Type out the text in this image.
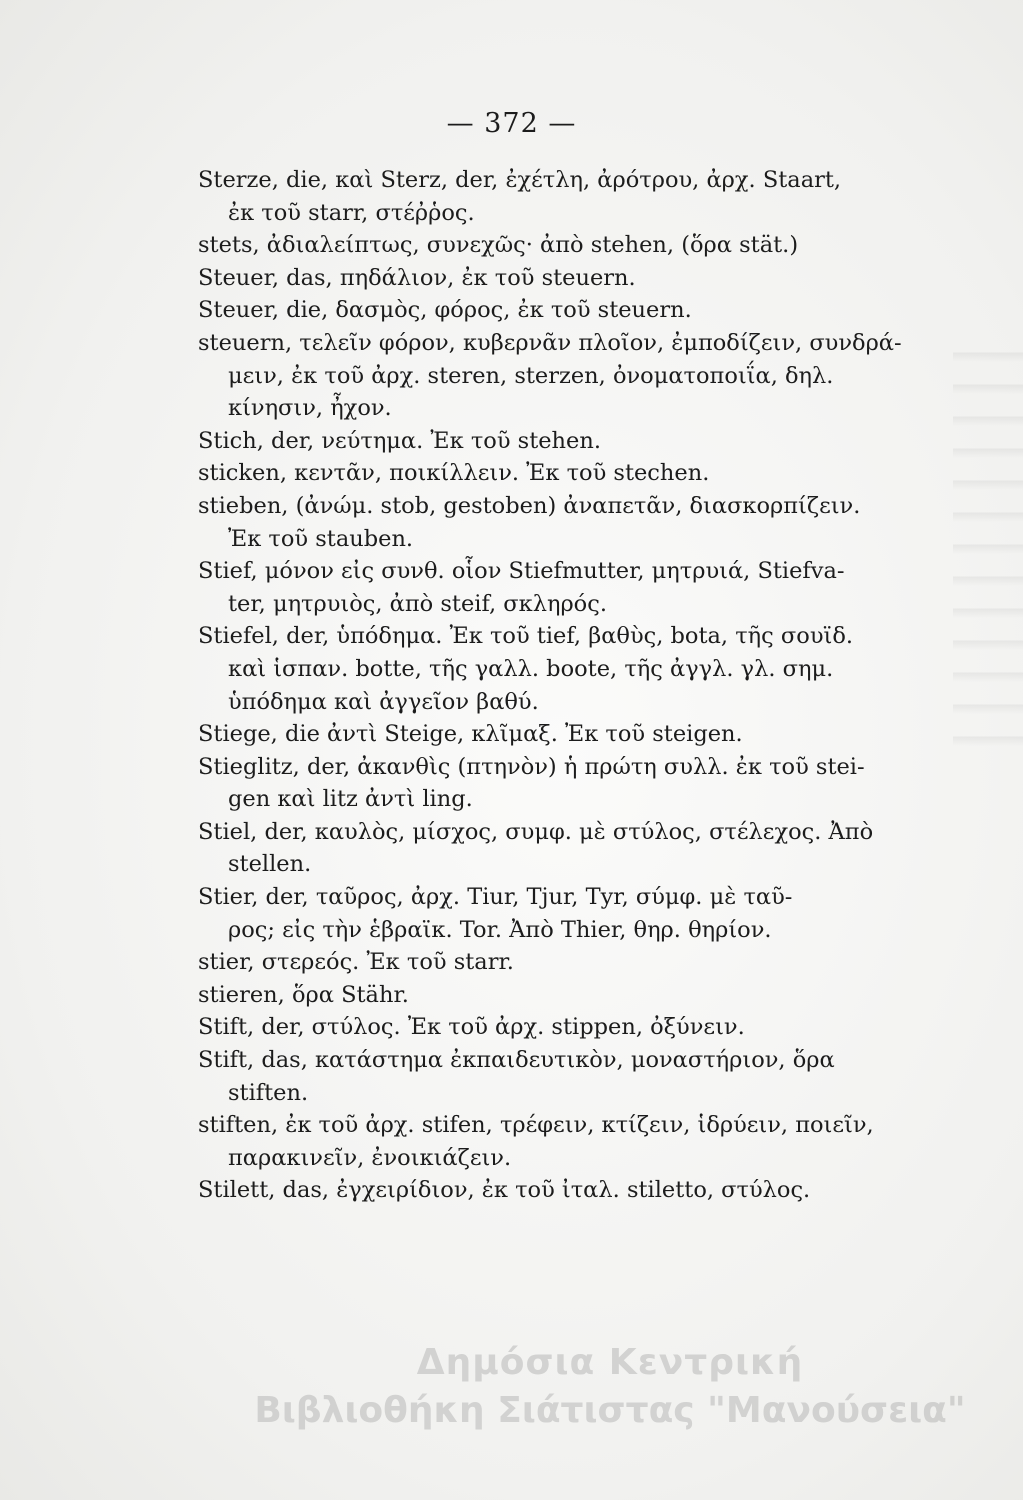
— 372 —
Sterze, die, καὶ Sterz, der, ἐχέτλη, ἀρότρου, ἀρχ. Staart,
ἐκ τοῦ starr, στέῤῥος.
stets, ἀδιαλείπτως, συνεχῶς· ἀπὸ stehen, (ὅρα stät.)
Steuer, das, πηδάλιον, ἐκ τοῦ steuern.
Steuer, die, δασμὸς, φόρος, ἐκ τοῦ steuern.
steuern, τελεῖν φόρον, κυβερνᾶν πλοῖον, ἐμποδίζειν, συνδρά-
μειν, ἐκ τοῦ ἀρχ. steren, sterzen, ὀνοματοποιΐα, δηλ.
κίνησιν, ἦχον.
Stich, der, νεύτημα. Ἐκ τοῦ stehen.
sticken, κεντᾶν, ποικίλλειν. Ἐκ τοῦ stechen.
stieben, (ἀνώμ. stob, gestoben) ἀναπετᾶν, διασκορπίζειν.
Ἐκ τοῦ stauben.
Stief, μόνον εἰς συνθ. οἷον Stiefmutter, μητρυιά, Stiefva-
ter, μητρυιὸς, ἀπὸ steif, σκληρός.
Stiefel, der, ὑπόδημα. Ἐκ τοῦ tief, βαθὺς, bota, τῆς σουϊδ.
καὶ ἱσπαν. botte, τῆς γαλλ. boote, τῆς ἀγγλ. γλ. σημ.
ὑπόδημα καὶ ἀγγεῖον βαθύ.
Stiege, die ἀντὶ Steige, κλῖμαξ. Ἐκ τοῦ steigen.
Stieglitz, der, ἀκανθὶς (πτηνὸν) ἡ πρώτη συλλ. ἐκ τοῦ stei-
gen καὶ litz ἀντὶ ling.
Stiel, der, καυλὸς, μίσχος, συμφ. μὲ στύλος, στέλεχος. Ἀπὸ
stellen.
Stier, der, ταῦρος, ἀρχ. Tiur, Tjur, Tyr, σύμφ. μὲ ταῦ-
ρος; εἰς τὴν ἑβραϊκ. Tor. Ἀπὸ Thier, θηρ. θηρίον.
stier, στερεός. Ἐκ τοῦ starr.
stieren, ὅρα Stähr.
Stift, der, στύλος. Ἐκ τοῦ ἀρχ. stippen, ὀξύνειν.
Stift, das, κατάστημα ἐκπαιδευτικὸν, μοναστήριον, ὅρα
stiften.
stiften, ἐκ τοῦ ἀρχ. stifen, τρέφειν, κτίζειν, ἱδρύειν, ποιεῖν,
παρακινεῖν, ἐνοικιάζειν.
Stilett, das, ἐγχειρίδιον, ἐκ τοῦ ἰταλ. stiletto, στύλος.
Δημόσια Κεντρική
Βιβλιοθήκη Σιάτιστας "Μανούσεια"
